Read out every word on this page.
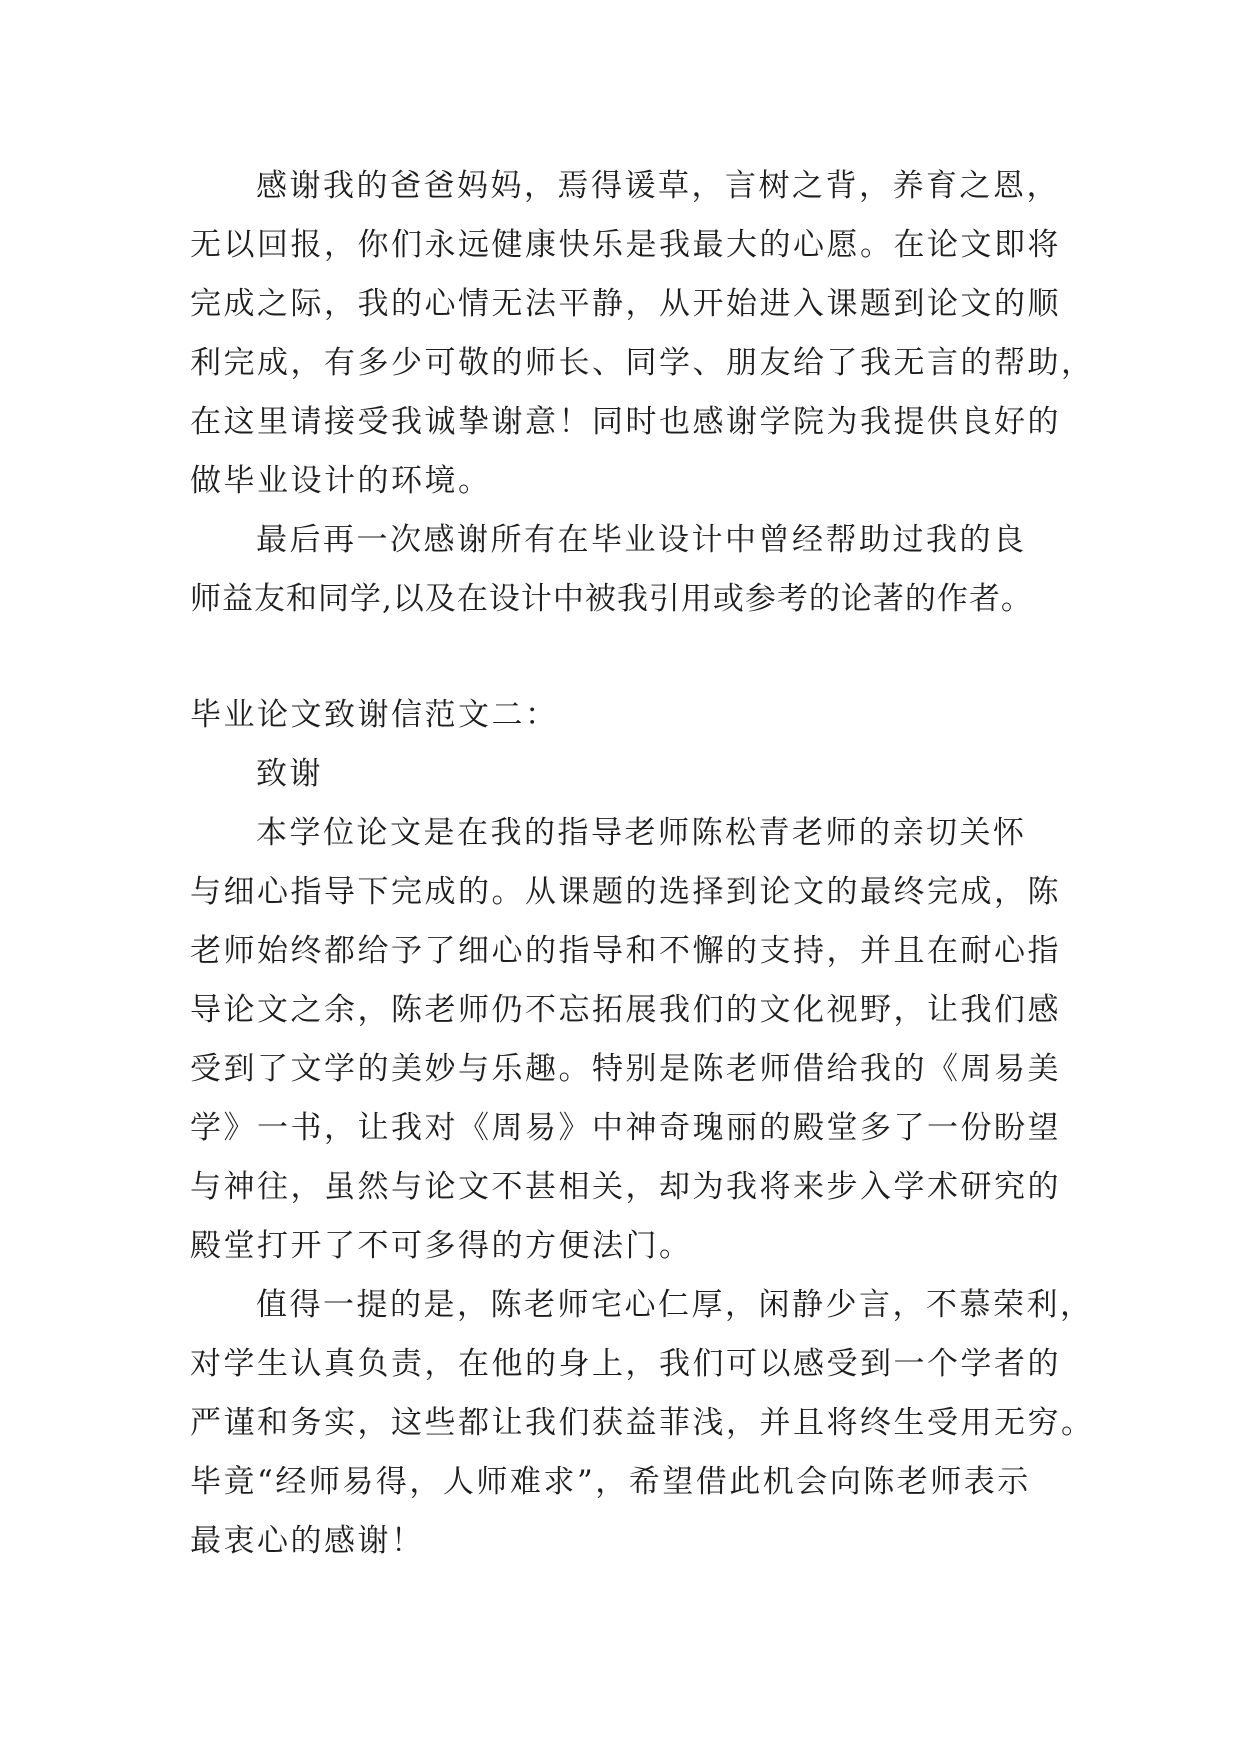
感谢我的爸爸妈妈，焉得谖草，言树之背，养育之恩，
无以回报，你们永远健康快乐是我最大的心愿。在论文即将
完成之际，我的心情无法平静，从开始进入课题到论文的顺
利完成，有多少可敬的师长、同学、朋友给了我无言的帮助，
在这里请接受我诚挚谢意！同时也感谢学院为我提供良好的
做毕业设计的环境。
最后再一次感谢所有在毕业设计中曾经帮助过我的良
师益友和同学,以及在设计中被我引用或参考的论著的作者。
毕业论文致谢信范文二：
致谢
本学位论文是在我的指导老师陈松青老师的亲切关怀
与细心指导下完成的。从课题的选择到论文的最终完成，陈
老师始终都给予了细心的指导和不懈的支持，并且在耐心指
导论文之余，陈老师仍不忘拓展我们的文化视野，让我们感
受到了文学的美妙与乐趣。特别是陈老师借给我的《周易美
学》一书，让我对《周易》中神奇瑰丽的殿堂多了一份盼望
与神往，虽然与论文不甚相关，却为我将来步入学术研究的
殿堂打开了不可多得的方便法门。
值得一提的是，陈老师宅心仁厚，闲静少言，不慕荣利，
对学生认真负责，在他的身上，我们可以感受到一个学者的
严谨和务实，这些都让我们获益菲浅，并且将终生受用无穷。
毕竟“经师易得，人师难求”，希望借此机会向陈老师表示
最衷心的感谢！
